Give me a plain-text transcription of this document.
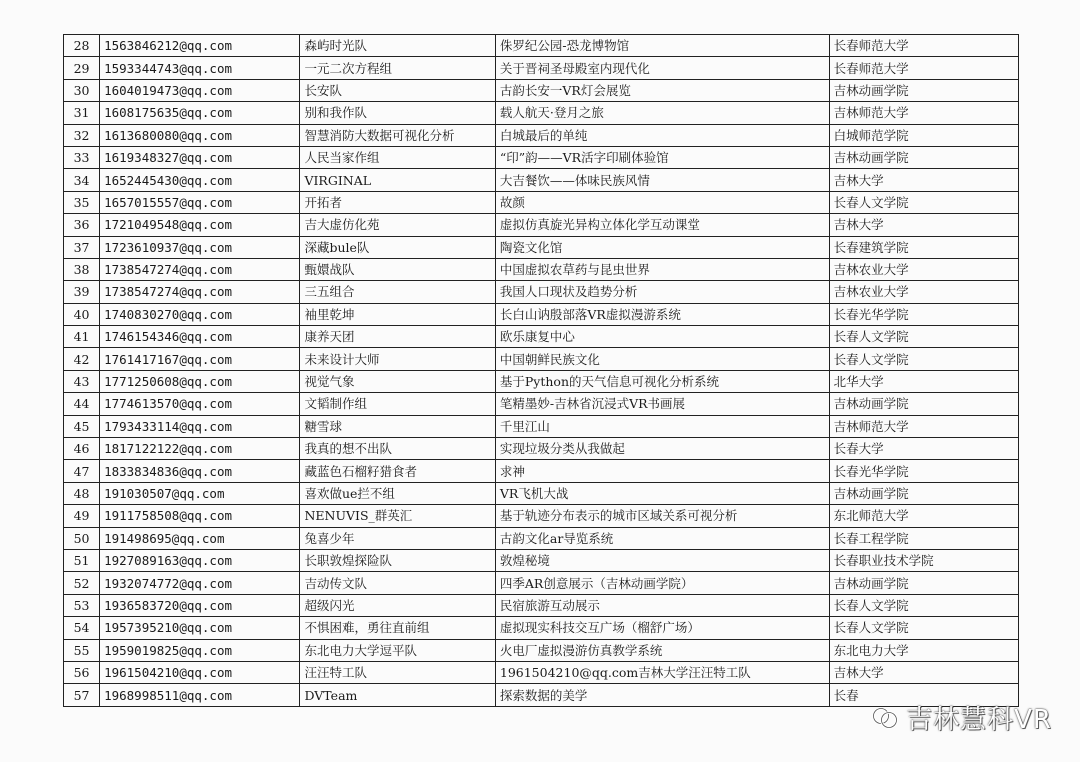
28	1563846212@qq.com	森屿时光队	侏罗纪公园-恐龙博物馆	长春师范大学
29	1593344743@qq.com	一元二次方程组	关于晋祠圣母殿室内现代化	长春师范大学
30	1604019473@qq.com	长安队	古韵长安一VR灯会展览	吉林动画学院
31	1608175635@qq.com	别和我作队	载人航天·登月之旅	吉林师范大学
32	1613680080@qq.com	智慧消防大数据可视化分析	白城最后的单纯	白城师范学院
33	1619348327@qq.com	人民当家作组	“印”韵——VR活字印刷体验馆	吉林动画学院
34	1652445430@qq.com	VIRGINAL	大吉餐饮——体味民族风情	吉林大学
35	1657015557@qq.com	开拓者	故颜	长春人文学院
36	1721049548@qq.com	吉大虚仿化苑	虚拟仿真旋光异构立体化学互动课堂	吉林大学
37	1723610937@qq.com	深藏bule队	陶瓷文化馆	长春建筑学院
38	1738547274@qq.com	甄嬛战队	中国虚拟农草药与昆虫世界	吉林农业大学
39	1738547274@qq.com	三五组合	我国人口现状及趋势分析	吉林农业大学
40	1740830270@qq.com	袖里乾坤	长白山讷殷部落VR虚拟漫游系统	长春光华学院
41	1746154346@qq.com	康养天团	欧乐康复中心	长春人文学院
42	1761417167@qq.com	未来设计大师	中国朝鲜民族文化	长春人文学院
43	1771250608@qq.com	视觉气象	基于Python的天气信息可视化分析系统	北华大学
44	1774613570@qq.com	文韬制作组	笔精墨妙-吉林省沉浸式VR书画展	吉林动画学院
45	1793433114@qq.com	糖雪球	千里江山	吉林师范大学
46	1817122122@qq.com	我真的想不出队	实现垃圾分类从我做起	长春大学
47	1833834836@qq.com	藏蓝色石榴籽猎食者	求神	长春光华学院
48	191030507@qq.com	喜欢做ue拦不组	VR飞机大战	吉林动画学院
49	1911758508@qq.com	NENUVIS_群英汇	基于轨迹分布表示的城市区域关系可视分析	东北师范大学
50	191498695@qq.com	兔喜少年	古韵文化ar导览系统	长春工程学院
51	1927089163@qq.com	长职敦煌探险队	敦煌秘境	长春职业技术学院
52	1932074772@qq.com	吉动传文队	四季AR创意展示（吉林动画学院）	吉林动画学院
53	1936583720@qq.com	超级闪光	民宿旅游互动展示	长春人文学院
54	1957395210@qq.com	不惧困难，勇往直前组	虚拟现实科技交互广场（榴舒广场）	长春人文学院
55	1959019825@qq.com	东北电力大学逗平队	火电厂虚拟漫游仿真教学系统	东北电力大学
56	1961504210@qq.com	汪汪特工队	1961504210@qq.com吉林大学汪汪特工队	吉林大学
57	1968998511@qq.com	DVTeam	探索数据的美学	长春
吉林慧科VR
